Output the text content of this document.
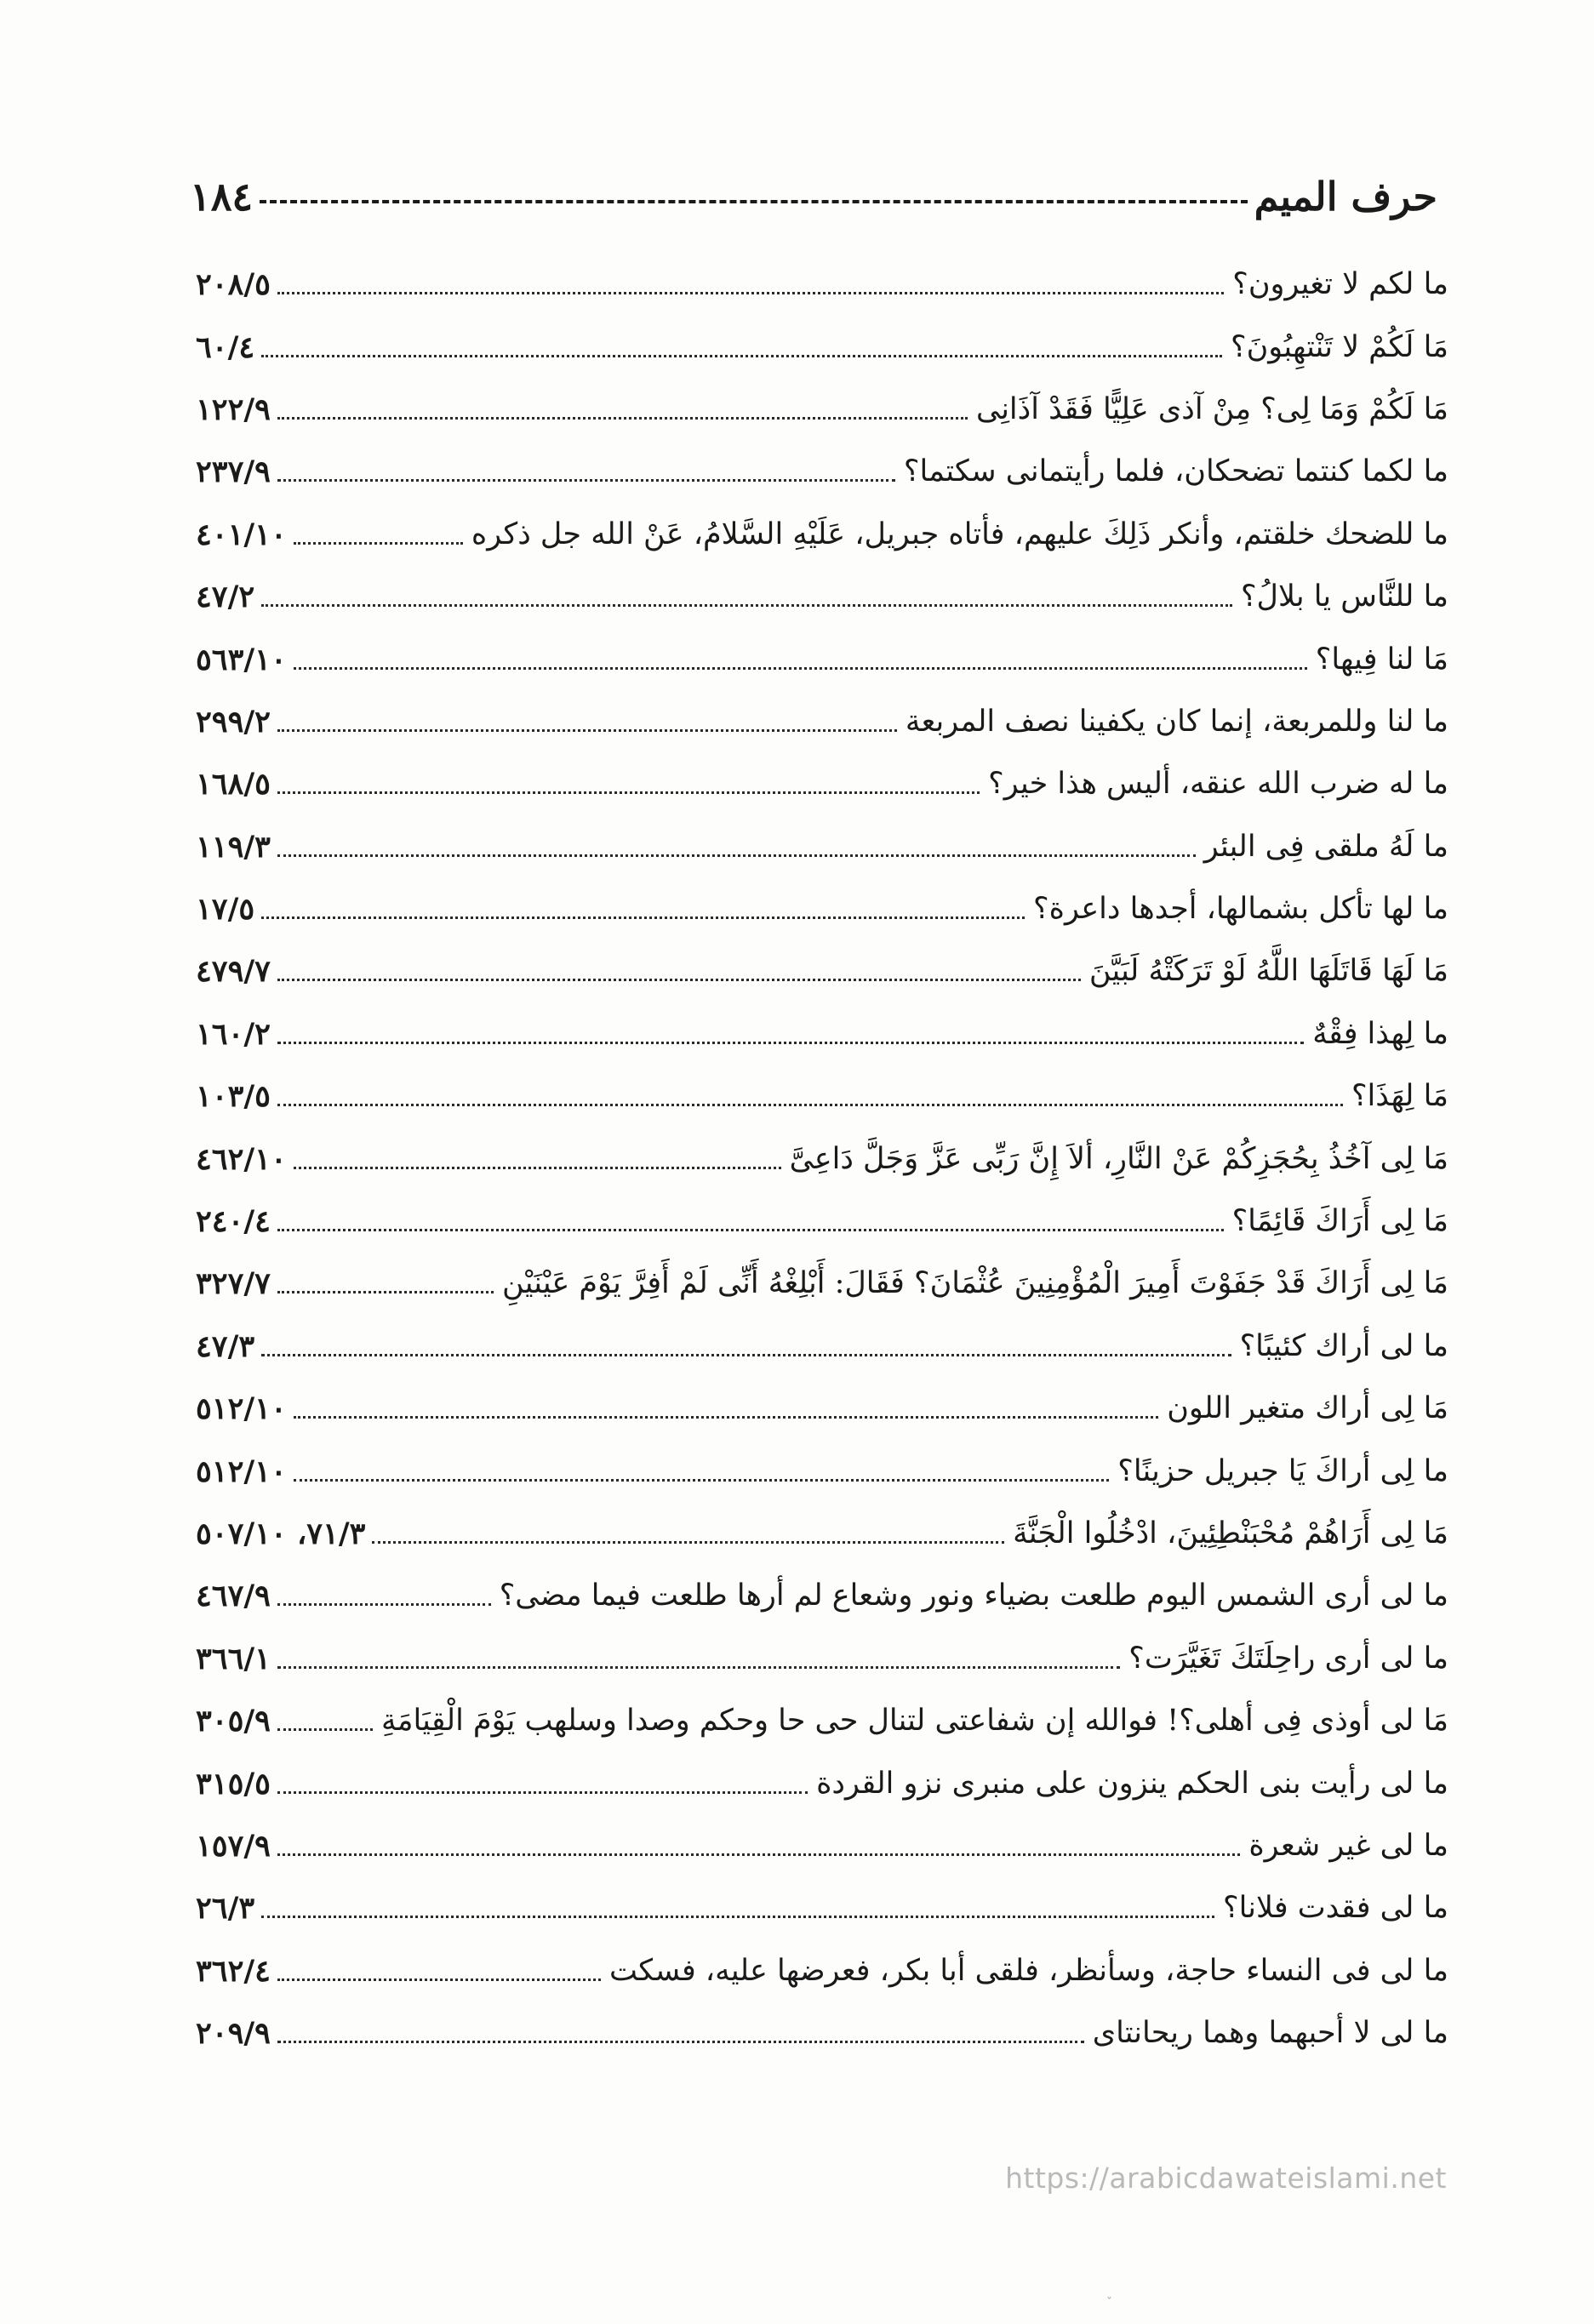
حرف الميم
١٨٤
ما لكم لا تغيرون؟
٢٠٨/٥
مَا لَكُمْ لا تَنْتهِبُونَ؟
٦٠/٤
مَا لَكُمْ وَمَا لِى؟ مِنْ آذى عَلِيًّا فَقَدْ آذَانِى
١٢٢/٩
ما لكما كنتما تضحكان، فلما رأيتمانى سكتما؟
٢٣٧/٩
ما للضحك خلقتم، وأنكر ذَلِكَ عليهم، فأتاه جبريل، عَلَيْهِ السَّلامُ، عَنْ الله جل ذكره
٤٠١/١٠
ما للنَّاس يا بلالُ؟
٤٧/٢
مَا لنا فِيها؟
٥٦٣/١٠
ما لنا وللمربعة، إنما كان يكفينا نصف المربعة
٢٩٩/٢
ما له ضرب الله عنقه، أليس هذا خير؟
١٦٨/٥
ما لَهُ ملقى فِى البئر
١١٩/٣
ما لها تأكل بشمالها، أجدها داعرة؟
١٧/٥
مَا لَهَا قَاتَلَهَا اللَّهُ لَوْ تَرَكَتْهُ لَبَيَّنَ
٤٧٩/٧
ما لِهذا فِقْهٌ
١٦٠/٢
مَا لِهَذَا؟
١٠٣/٥
مَا لِى آخُذُ بِحُجَزِكُمْ عَنْ النَّارِ، ألاَ إِنَّ رَبِّى عَزَّ وَجَلَّ دَاعِىَّ
٤٦٢/١٠
مَا لِى أَرَاكَ قَائِمًا؟
٢٤٠/٤
مَا لِى أَرَاكَ قَدْ جَفَوْتَ أَمِيرَ الْمُؤْمِنِينَ عُثْمَانَ؟ فَقَالَ: أَبْلِغْهُ أَنِّى لَمْ أَفِرَّ يَوْمَ عَيْنَيْنِ
٣٢٧/٧
ما لى أراك كئيبًا؟
٤٧/٣
مَا لِى أراك متغير اللون
٥١٢/١٠
ما لِى أراكَ يَا جبريل حزينًا؟
٥١٢/١٠
مَا لِى أَرَاهُمْ مُحْبَنْطِئِينَ، ادْخُلُوا الْجَنَّةَ
٧١/٣، ٥٠٧/١٠
ما لى أرى الشمس اليوم طلعت بضياء ونور وشعاع لم أرها طلعت فيما مضى؟
٤٦٧/٩
ما لى أرى راحِلَتَكَ تَغَيَّرَت؟
٣٦٦/١
مَا لى أوذى فِى أهلى؟! فوالله إن شفاعتى لتنال حى حا وحكم وصدا وسلهب يَوْمَ الْقِيَامَةِ
٣٠٥/٩
ما لى رأيت بنى الحكم ينزون على منبرى نزو القردة
٣١٥/٥
ما لى غير شعرة
١٥٧/٩
ما لى فقدت فلانا؟
٢٦/٣
ما لى فى النساء حاجة، وسأنظر، فلقى أبا بكر، فعرضها عليه، فسكت
٣٦٢/٤
ما لى لا أحبهما وهما ريحانتاى
٢٠٩/٩
https://arabicdawateislami.net
ˇ
